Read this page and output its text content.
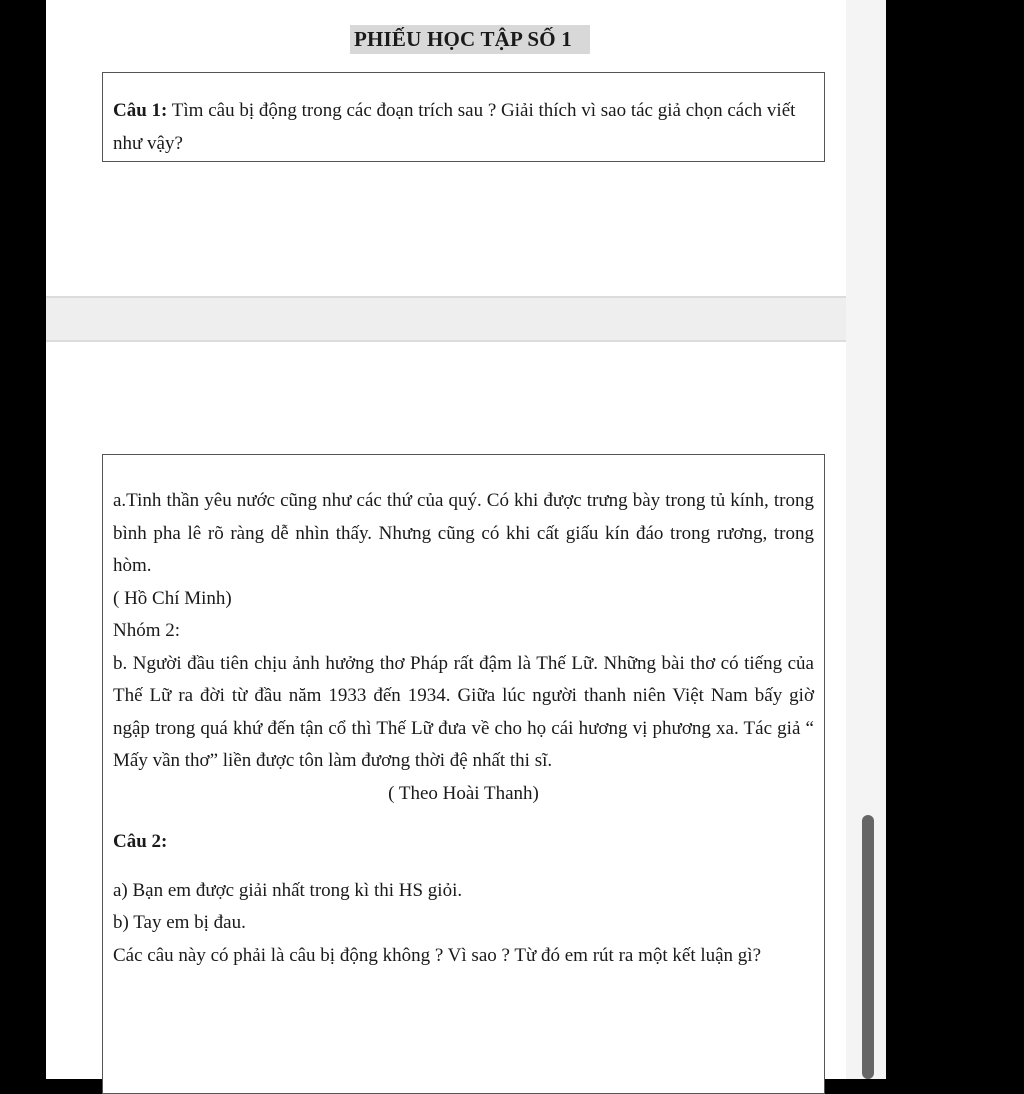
PHIẾU HỌC TẬP SỐ 1

Câu 1: Tìm câu bị động trong các đoạn trích sau ? Giải thích vì sao tác giả chọn cách viết như vậy?

a.Tinh thần yêu nước cũng như các thứ của quý. Có khi được trưng bày trong tủ kính, trong bình pha lê rõ ràng dễ nhìn thấy. Nhưng cũng có khi cất giấu kín đáo trong rương, trong hòm.

( Hồ Chí Minh)

Nhóm 2:

b. Người đầu tiên chịu ảnh hưởng thơ Pháp rất đậm là Thế Lữ. Những bài thơ có tiếng của Thế Lữ ra đời từ đầu năm 1933 đến 1934. Giữa lúc người thanh niên Việt Nam bấy giờ ngập trong quá khứ đến tận cổ thì Thế Lữ đưa về cho họ cái hương vị phương xa. Tác giả “ Mấy vần thơ” liền được tôn làm đương thời đệ nhất thi sĩ.

( Theo Hoài Thanh)

Câu 2:

a) Bạn em được giải nhất trong kì thi HS giỏi.

b) Tay em bị đau.

Các câu này có phải là câu bị động không ? Vì sao ? Từ đó em rút ra một kết luận gì?
